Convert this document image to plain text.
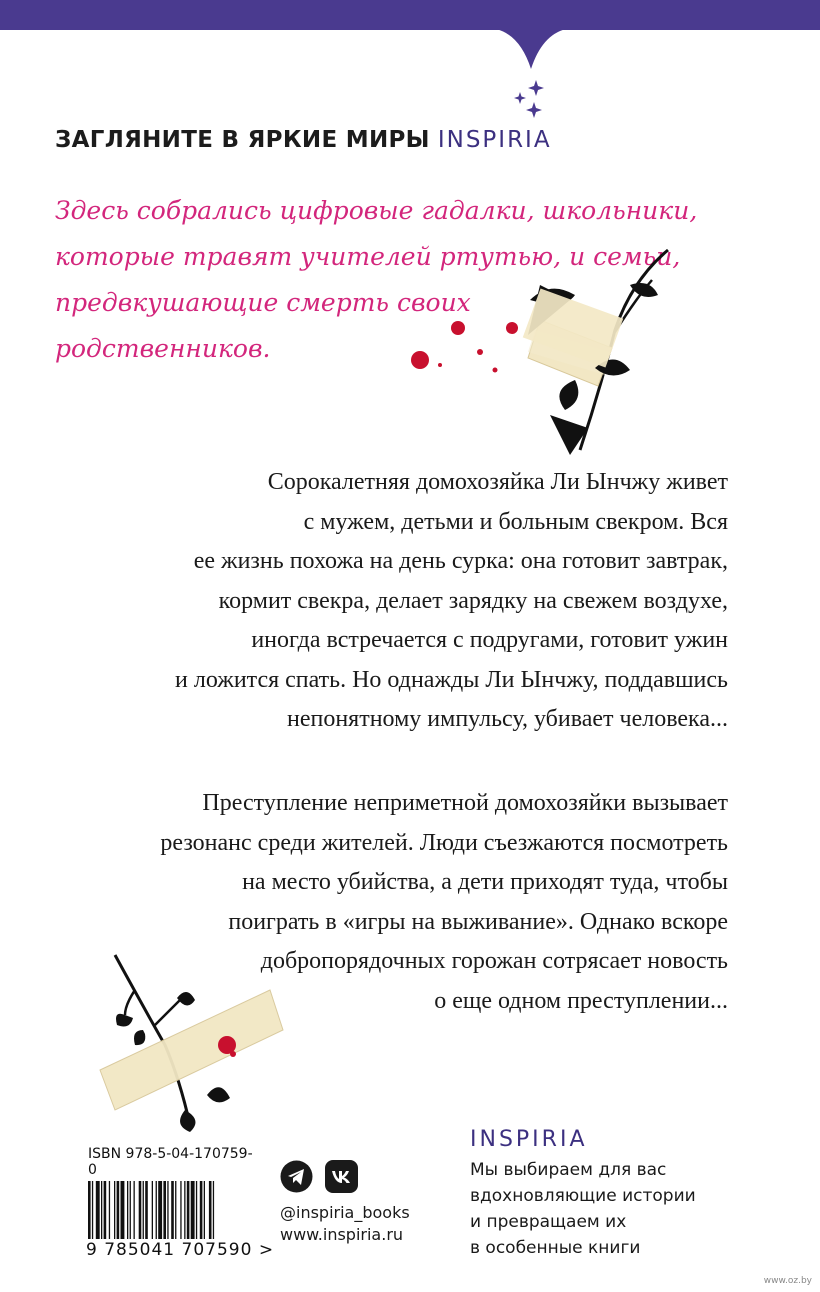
ЗАГЛЯНИТЕ В ЯРКИЕ МИРЫ INSPIRIA
Здесь собрались цифровые гадалки, школьники,
которые травят учителей ртутью, и семьи,
предвкушающие смерть своих
родственников.
Сорокалетняя домохозяйка Ли Ынчжу живет
с мужем, детьми и больным свекром. Вся
ее жизнь похожа на день сурка: она готовит завтрак,
кормит свекра, делает зарядку на свежем воздухе,
иногда встречается с подругами, готовит ужин
и ложится спать. Но однажды Ли Ынчжу, поддавшись
непонятному импульсу, убивает человека...
Преступление неприметной домохозяйки вызывает
резонанс среди жителей. Люди съезжаются посмотреть
на место убийства, а дети приходят туда, чтобы
поиграть в «игры на выживание». Однако вскоре
добропорядочных горожан сотрясает новость
о еще одном преступлении...
ISBN 978-5-04-170759-0
9 785041 707590 >
@inspiria_books
www.inspiria.ru
INSPIRIA
Мы выбираем для вас
вдохновляющие истории
и превращаем их
в особенные книги
www.oz.by
